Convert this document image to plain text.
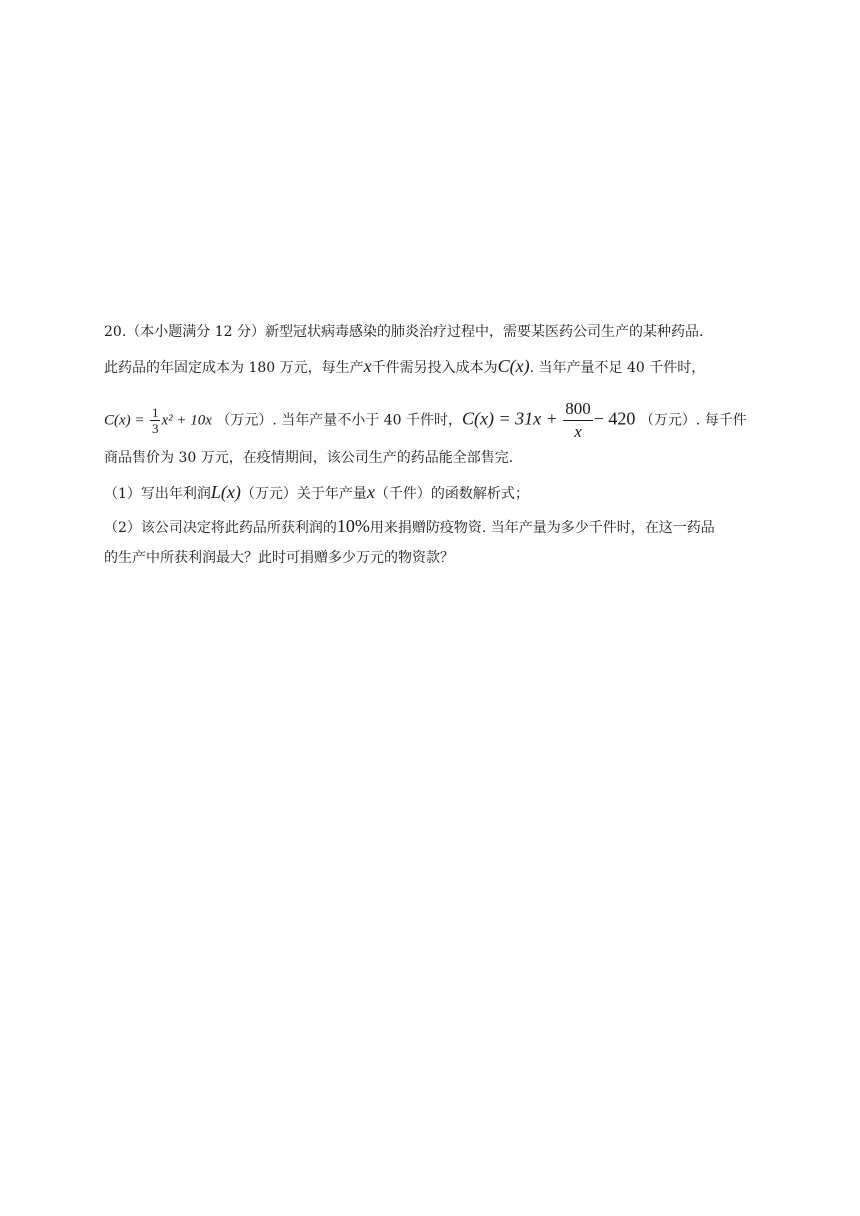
20.（本小题满分 12 分）新型冠状病毒感染的肺炎治疗过程中，需要某医药公司生产的某种药品.
此药品的年固定成本为 180 万元，每生产x千件需另投入成本为C(x). 当年产量不足 40 千件时，
$C(x) = \frac{1}{3} x^2 + 10x$ （万元）. 当年产量不小于 40 千件时，$C(x) = 31x + \frac{800}{x} - 420$ （万元）. 每千件
商品售价为 30 万元，在疫情期间，该公司生产的药品能全部售完.
（1）写出年利润L(x)（万元）关于年产量x（千件）的函数解析式；
（2）该公司决定将此药品所获利润的10%用来捐赠防疫物资. 当年产量为多少千件时，在这一药品
的生产中所获利润最大？此时可捐赠多少万元的物资款？
